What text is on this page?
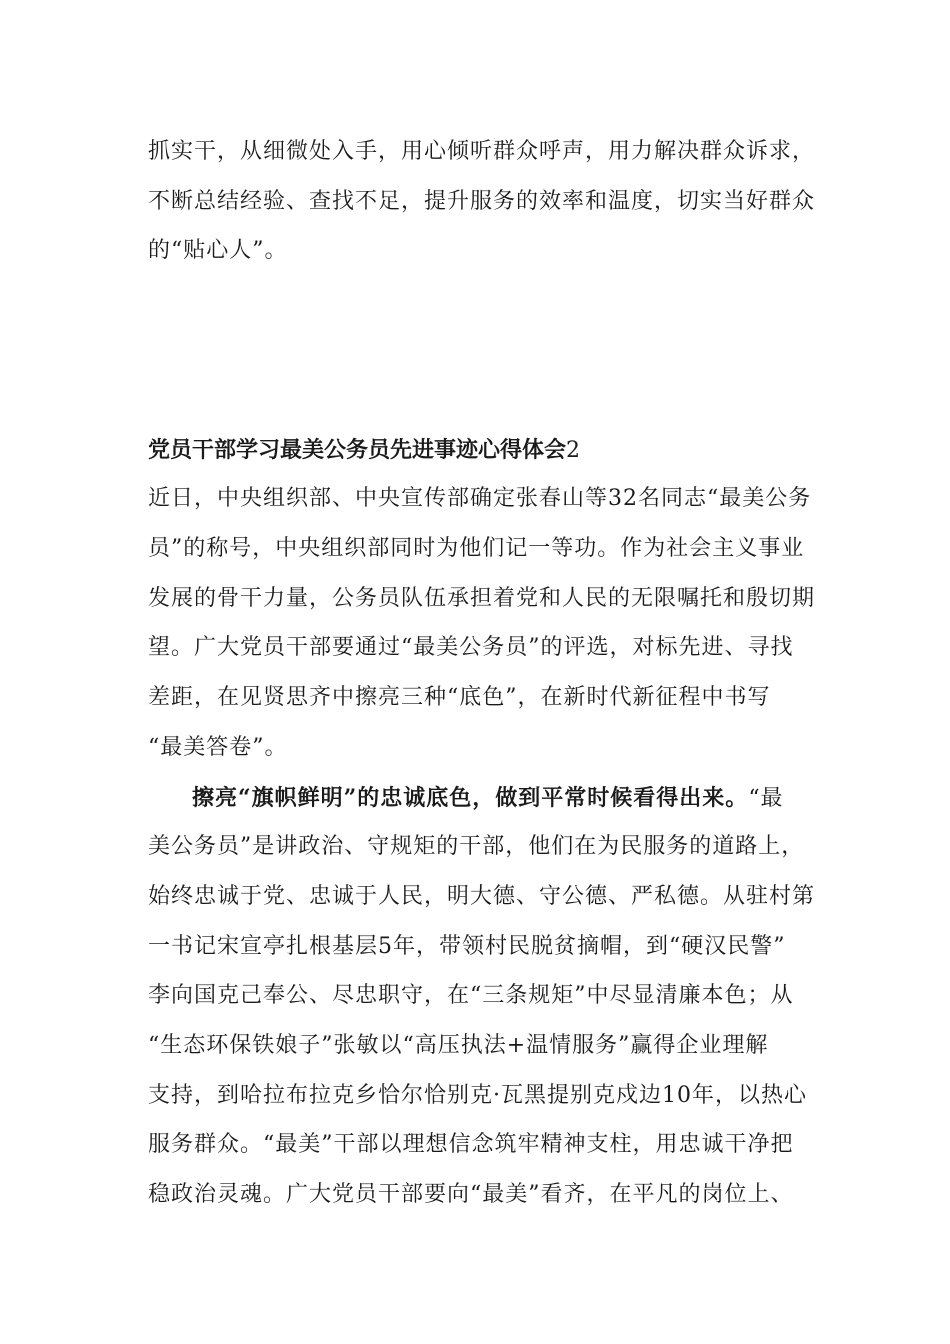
抓实干，从细微处入手，用心倾听群众呼声，用力解决群众诉求，
不断总结经验、查找不足，提升服务的效率和温度，切实当好群众
的“贴心人”。
党员干部学习最美公务员先进事迹心得体会2
近日，中央组织部、中央宣传部确定张春山等32名同志“最美公务
员”的称号，中央组织部同时为他们记一等功。作为社会主义事业
发展的骨干力量，公务员队伍承担着党和人民的无限嘱托和殷切期
望。广大党员干部要通过“最美公务员”的评选，对标先进、寻找
差距，在见贤思齐中擦亮三种“底色”，在新时代新征程中书写
“最美答卷”。
擦亮“旗帜鲜明”的忠诚底色，做到平常时候看得出来。“最
美公务员”是讲政治、守规矩的干部，他们在为民服务的道路上，
始终忠诚于党、忠诚于人民，明大德、守公德、严私德。从驻村第
一书记宋宣亭扎根基层5年，带领村民脱贫摘帽，到“硬汉民警”
李向国克己奉公、尽忠职守，在“三条规矩”中尽显清廉本色；从
“生态环保铁娘子”张敏以“高压执法+温情服务”赢得企业理解
支持，到哈拉布拉克乡恰尔恰别克·瓦黑提别克戍边10年，以热心
服务群众。“最美”干部以理想信念筑牢精神支柱，用忠诚干净把
稳政治灵魂。广大党员干部要向“最美”看齐，在平凡的岗位上、
